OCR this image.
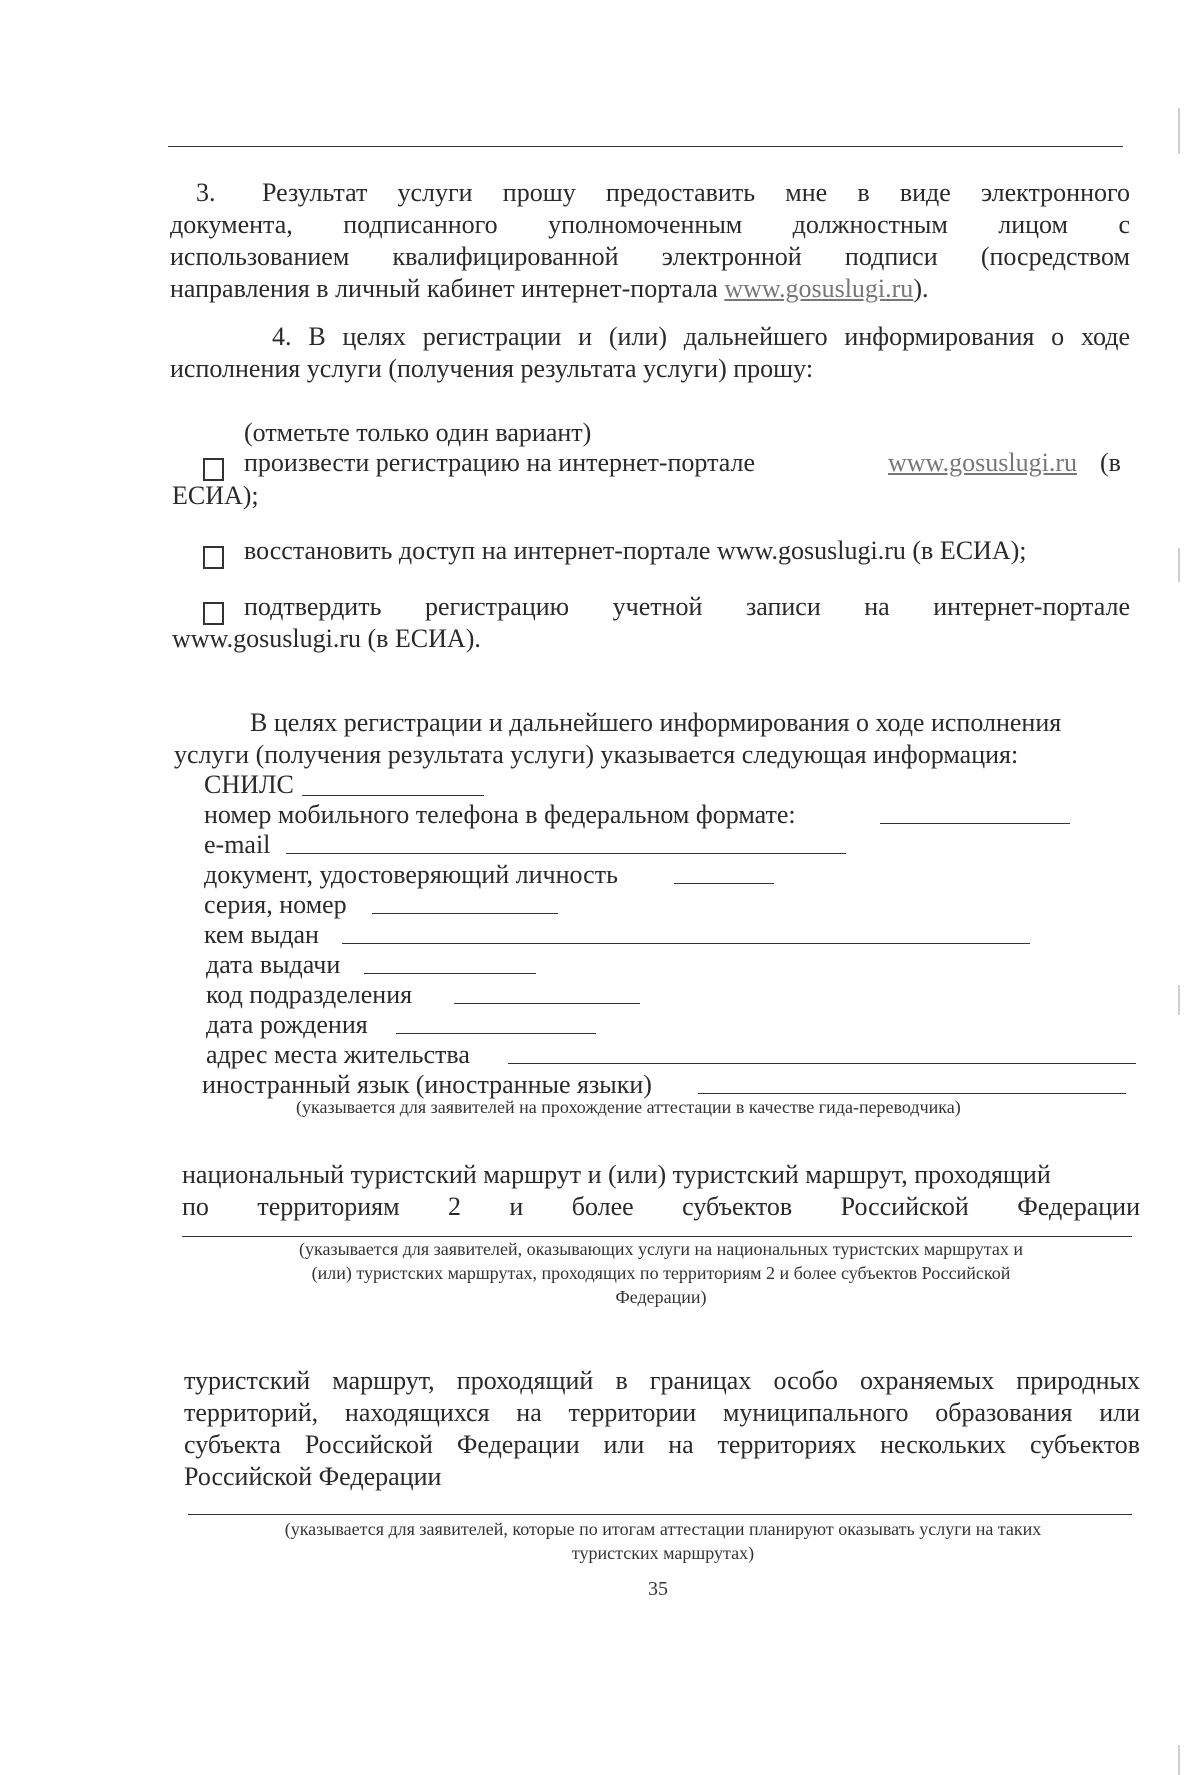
3.	Результат услуги прошу предоставить мне в виде электронного
документа, подписанного уполномоченным должностным лицом с
использованием квалифицированной электронной подписи (посредством
направления в личный кабинет интернет-портала www.gosuslugi.ru).
4. В целях регистрации и (или) дальнейшего информирования о ходе
исполнения услуги (получения результата услуги) прошу:
(отметьте только один вариант)
произвести регистрацию на интернет-портале	www.gosuslugi.ru (в
ЕСИА);
восстановить доступ на интернет-портале www.gosuslugi.ru (в ЕСИА);
подтвердить регистрацию учетной записи на интернет-портале
www.gosuslugi.ru (в ЕСИА).
В целях регистрации и дальнейшего информирования о ходе исполнения
услуги (получения результата услуги) указывается следующая информация:
СНИЛС
номер мобильного телефона в федеральном формате:
e-mail
документ, удостоверяющий личность
серия, номер
кем выдан
дата выдачи
код подразделения
дата рождения
адрес места жительства
иностранный язык (иностранные языки)
(указывается для заявителей на прохождение аттестации в качестве гида-переводчика)
национальный туристский маршрут и (или) туристский маршрут, проходящий
по территориям 2 и более субъектов Российской Федерации
(указывается для заявителей, оказывающих услуги на национальных туристских маршрутах и
(или) туристских маршрутах, проходящих по территориям 2 и более субъектов Российской
Федерации)
туристский маршрут, проходящий в границах особо охраняемых природных
территорий, находящихся на территории муниципального образования или
субъекта Российской Федерации или на территориях нескольких субъектов
Российской Федерации
(указывается для заявителей, которые по итогам аттестации планируют оказывать услуги на таких
туристских маршрутах)
35
